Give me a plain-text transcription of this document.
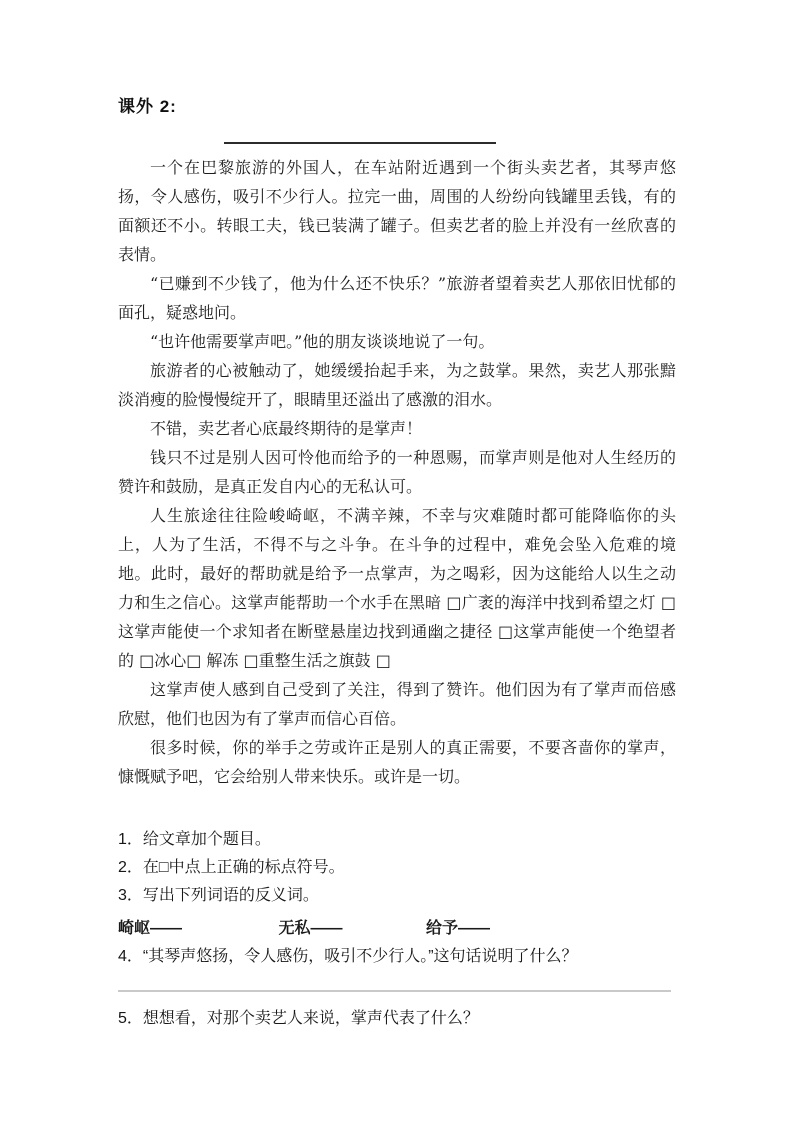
课外 2:

一个在巴黎旅游的外国人，在车站附近遇到一个街头卖艺者，其琴声悠扬，令人感伤，吸引不少行人。拉完一曲，周围的人纷纷向钱罐里丢钱，有的面额还不小。转眼工夫，钱已装满了罐子。但卖艺者的脸上并没有一丝欣喜的表情。

“已赚到不少钱了，他为什么还不快乐？”旅游者望着卖艺人那依旧忧郁的面孔，疑惑地问。

“也许他需要掌声吧。”他的朋友谈谈地说了一句。

旅游者的心被触动了，她缓缓抬起手来，为之鼓掌。果然，卖艺人那张黯淡消瘦的脸慢慢绽开了，眼睛里还溢出了感激的泪水。

不错，卖艺者心底最终期待的是掌声！

钱只不过是别人因可怜他而给予的一种恩赐，而掌声则是他对人生经历的赞许和鼓励，是真正发自内心的无私认可。

人生旅途往往险峻崎岖，不满辛辣，不幸与灾难随时都可能降临你的头上，人为了生活，不得不与之斗争。在斗争的过程中，难免会坠入危难的境地。此时，最好的帮助就是给予一点掌声，为之喝彩，因为这能给人以生之动力和生之信心。这掌声能帮助一个水手在黑暗 □广袤的海洋中找到希望之灯 □这掌声能使一个求知者在断壁悬崖边找到通幽之捷径 □这掌声能使一个绝望者的 □冰心□ 解冻 □重整生活之旗鼓 □

这掌声使人感到自己受到了关注，得到了赞许。他们因为有了掌声而倍感欣慰，他们也因为有了掌声而信心百倍。

很多时候，你的举手之劳或许正是别人的真正需要，不要吝啬你的掌声，慷慨赋予吧，它会给别人带来快乐。或许是一切。

1．给文章加个题目。

2．在□中点上正确的标点符号。

3．写出下列词语的反义词。

崎岖——	无私——	给予——

4．“其琴声悠扬，令人感伤，吸引不少行人。”这句话说明了什么？

5．想想看，对那个卖艺人来说，掌声代表了什么？
